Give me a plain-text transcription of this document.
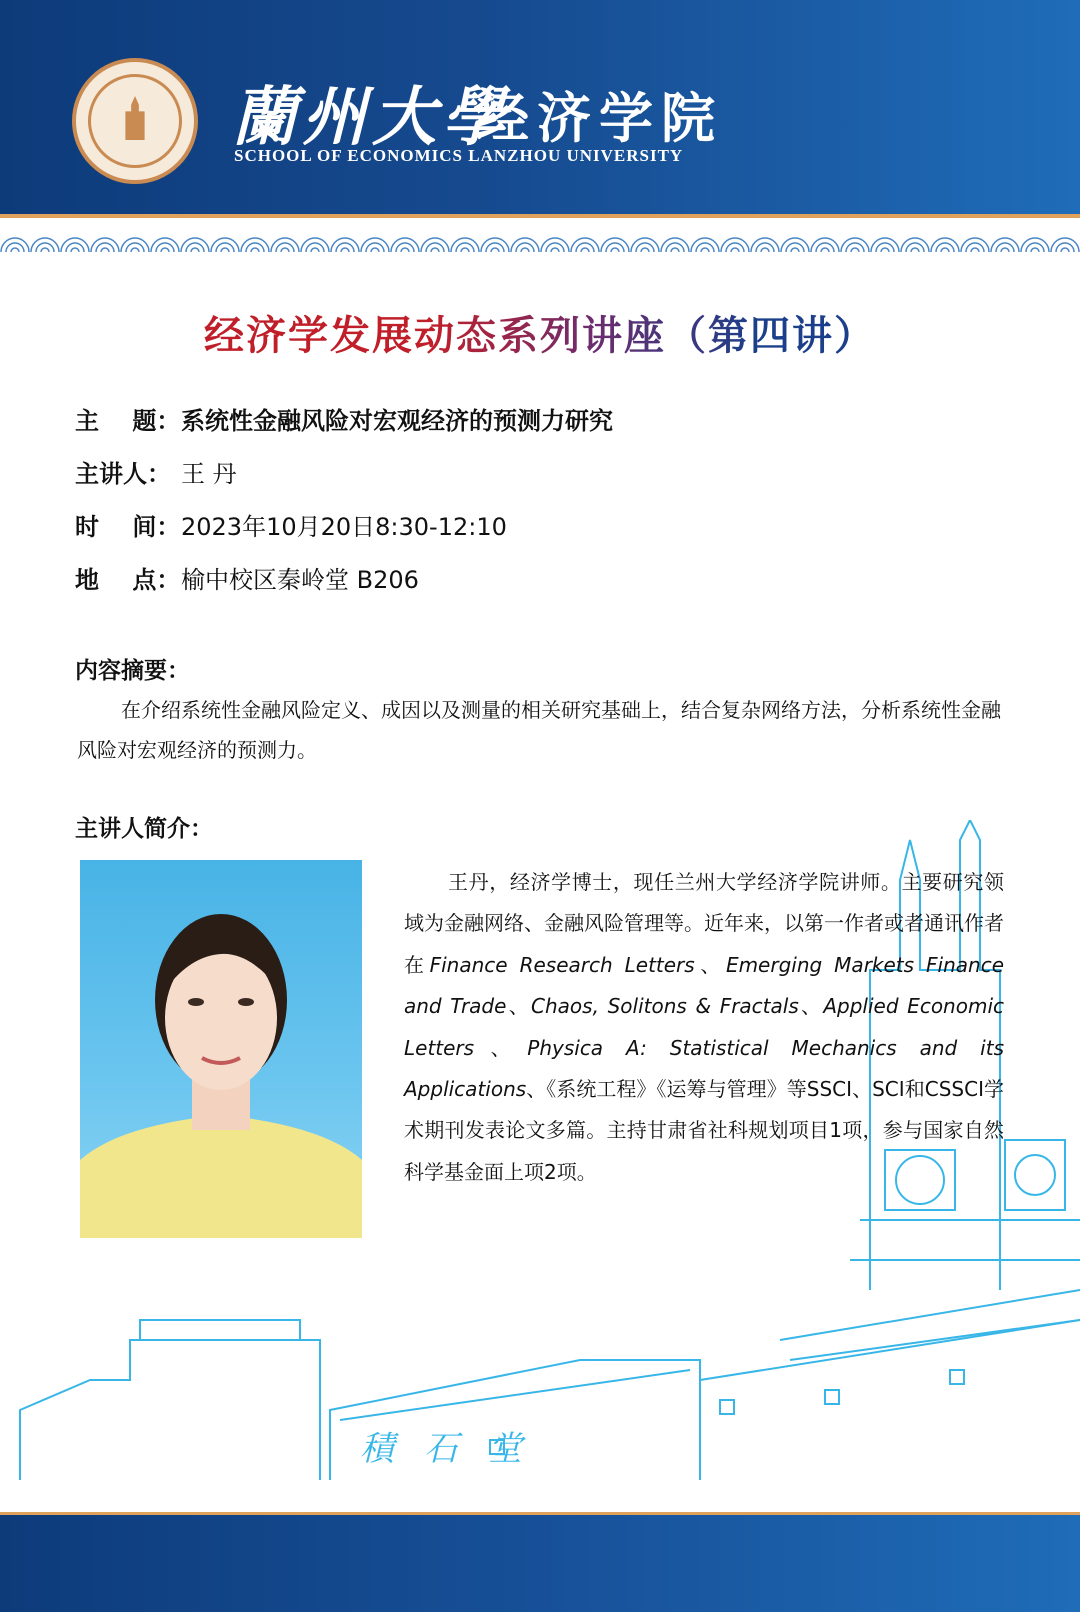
蘭州大學
经济学院
SCHOOL OF ECONOMICS LANZHOU UNIVERSITY
经济学发展动态系列讲座（第四讲）
主    题：系统性金融风险对宏观经济的预测力研究
主讲人： 王 丹
时    间：2023年10月20日8:30-12:10
地    点：榆中校区秦岭堂 B206
内容摘要：
在介绍系统性金融风险定义、成因以及测量的相关研究基础上，结合复杂网络方法，分析系统性金融风险对宏观经济的预测力。
主讲人简介：
積石堂
王丹，经济学博士，现任兰州大学经济学院讲师。主要研究领域为金融网络、金融风险管理等。近年来，以第一作者或者通讯作者在Finance Research Letters、Emerging Markets Finance and Trade、Chaos, Solitons & Fractals、Applied Economic Letters、Physica A: Statistical Mechanics and its Applications、《系统工程》《运筹与管理》等SSCI、SCI和CSSCI学术期刊发表论文多篇。主持甘肃省社科规划项目1项，参与国家自然科学基金面上项2项。
